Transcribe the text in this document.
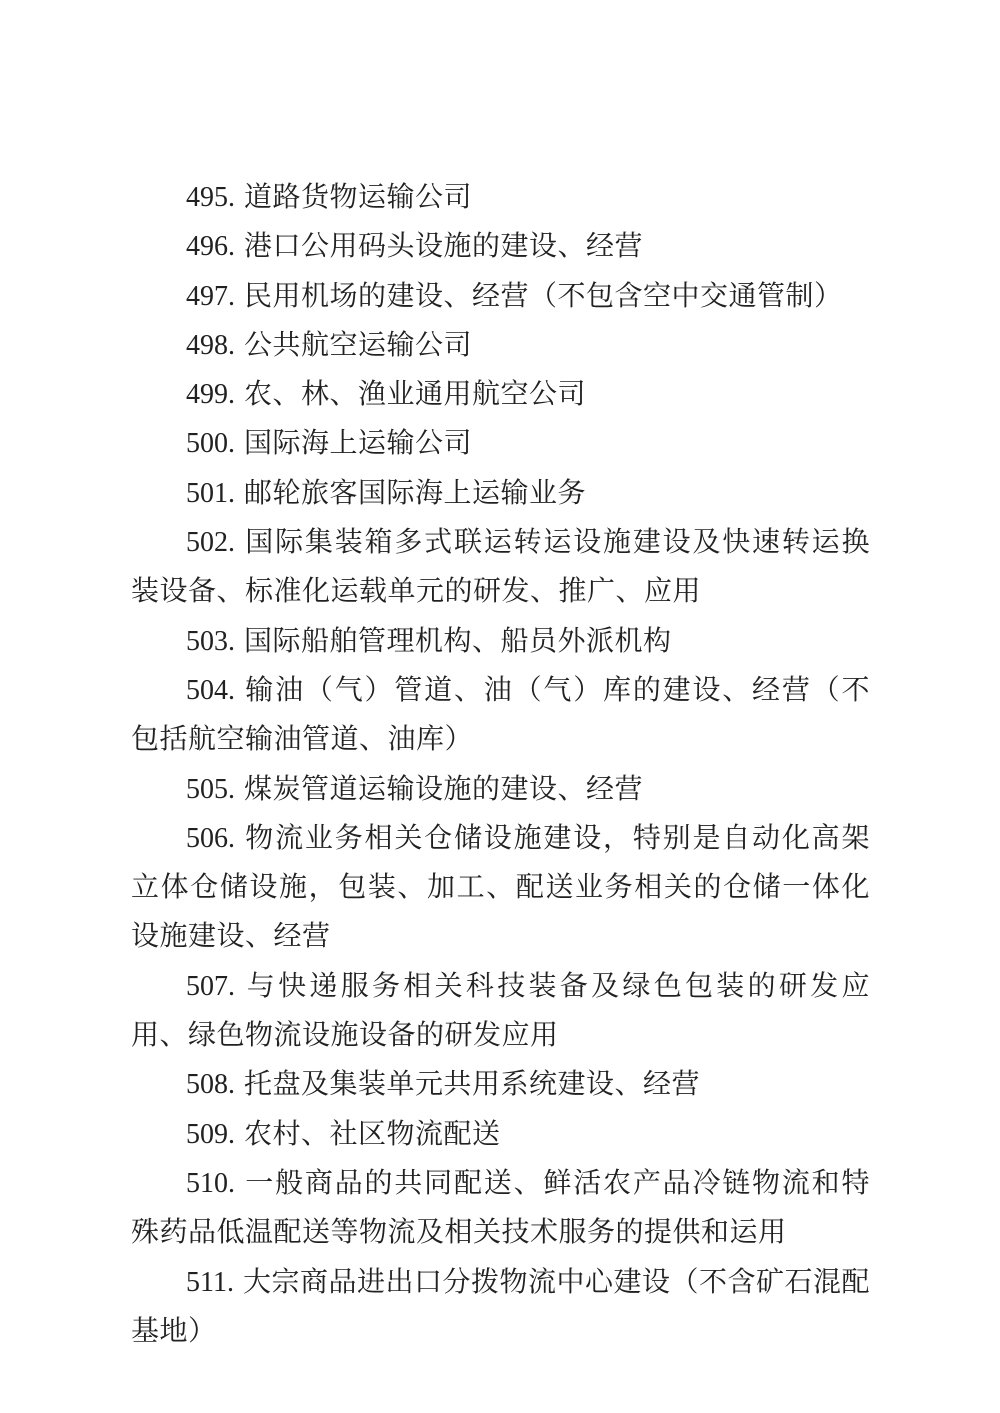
495. 道路货物运输公司

496. 港口公用码头设施的建设、经营

497. 民用机场的建设、经营（不包含空中交通管制）

498. 公共航空运输公司

499. 农、林、渔业通用航空公司

500. 国际海上运输公司

501. 邮轮旅客国际海上运输业务

502. 国际集装箱多式联运转运设施建设及快速转运换装设备、标准化运载单元的研发、推广、应用

503. 国际船舶管理机构、船员外派机构

504. 输油（气）管道、油（气）库的建设、经营（不包括航空输油管道、油库）

505. 煤炭管道运输设施的建设、经营

506. 物流业务相关仓储设施建设，特别是自动化高架立体仓储设施，包装、加工、配送业务相关的仓储一体化设施建设、经营

507. 与快递服务相关科技装备及绿色包装的研发应用、绿色物流设施设备的研发应用

508. 托盘及集装单元共用系统建设、经营

509. 农村、社区物流配送

510. 一般商品的共同配送、鲜活农产品冷链物流和特殊药品低温配送等物流及相关技术服务的提供和运用

511. 大宗商品进出口分拨物流中心建设（不含矿石混配基地）
